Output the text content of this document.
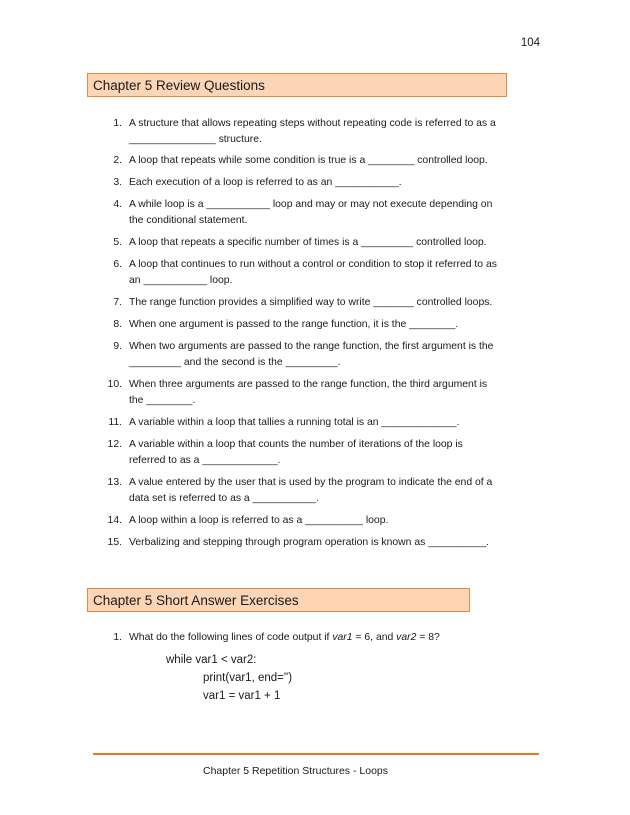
104
Chapter 5 Review Questions
1. A structure that allows repeating steps without repeating code is referred to as a _______________ structure.
2. A loop that repeats while some condition is true is a ________ controlled loop.
3. Each execution of a loop is referred to as an ___________.
4. A while loop is a ___________ loop and may or may not execute depending on the conditional statement.
5. A loop that repeats a specific number of times is a _________ controlled loop.
6. A loop that continues to run without a control or condition to stop it referred to as an ___________ loop.
7. The range function provides a simplified way to write _______ controlled loops.
8. When one argument is passed to the range function, it is the ________.
9. When two arguments are passed to the range function, the first argument is the _________ and the second is the _________.
10. When three arguments are passed to the range function, the third argument is the ________.
11. A variable within a loop that tallies a running total is an _____________.
12. A variable within a loop that counts the number of iterations of the loop is referred to as a _____________.
13. A value entered by the user that is used by the program to indicate the end of a data set is referred to as a ___________.
14. A loop within a loop is referred to as a __________ loop.
15. Verbalizing and stepping through program operation is known as __________.
Chapter 5 Short Answer Exercises
1. What do the following lines of code output if var1 = 6, and var2 = 8?
while var1 < var2:
print(var1, end='')
var1 = var1 + 1
Chapter 5 Repetition Structures - Loops
